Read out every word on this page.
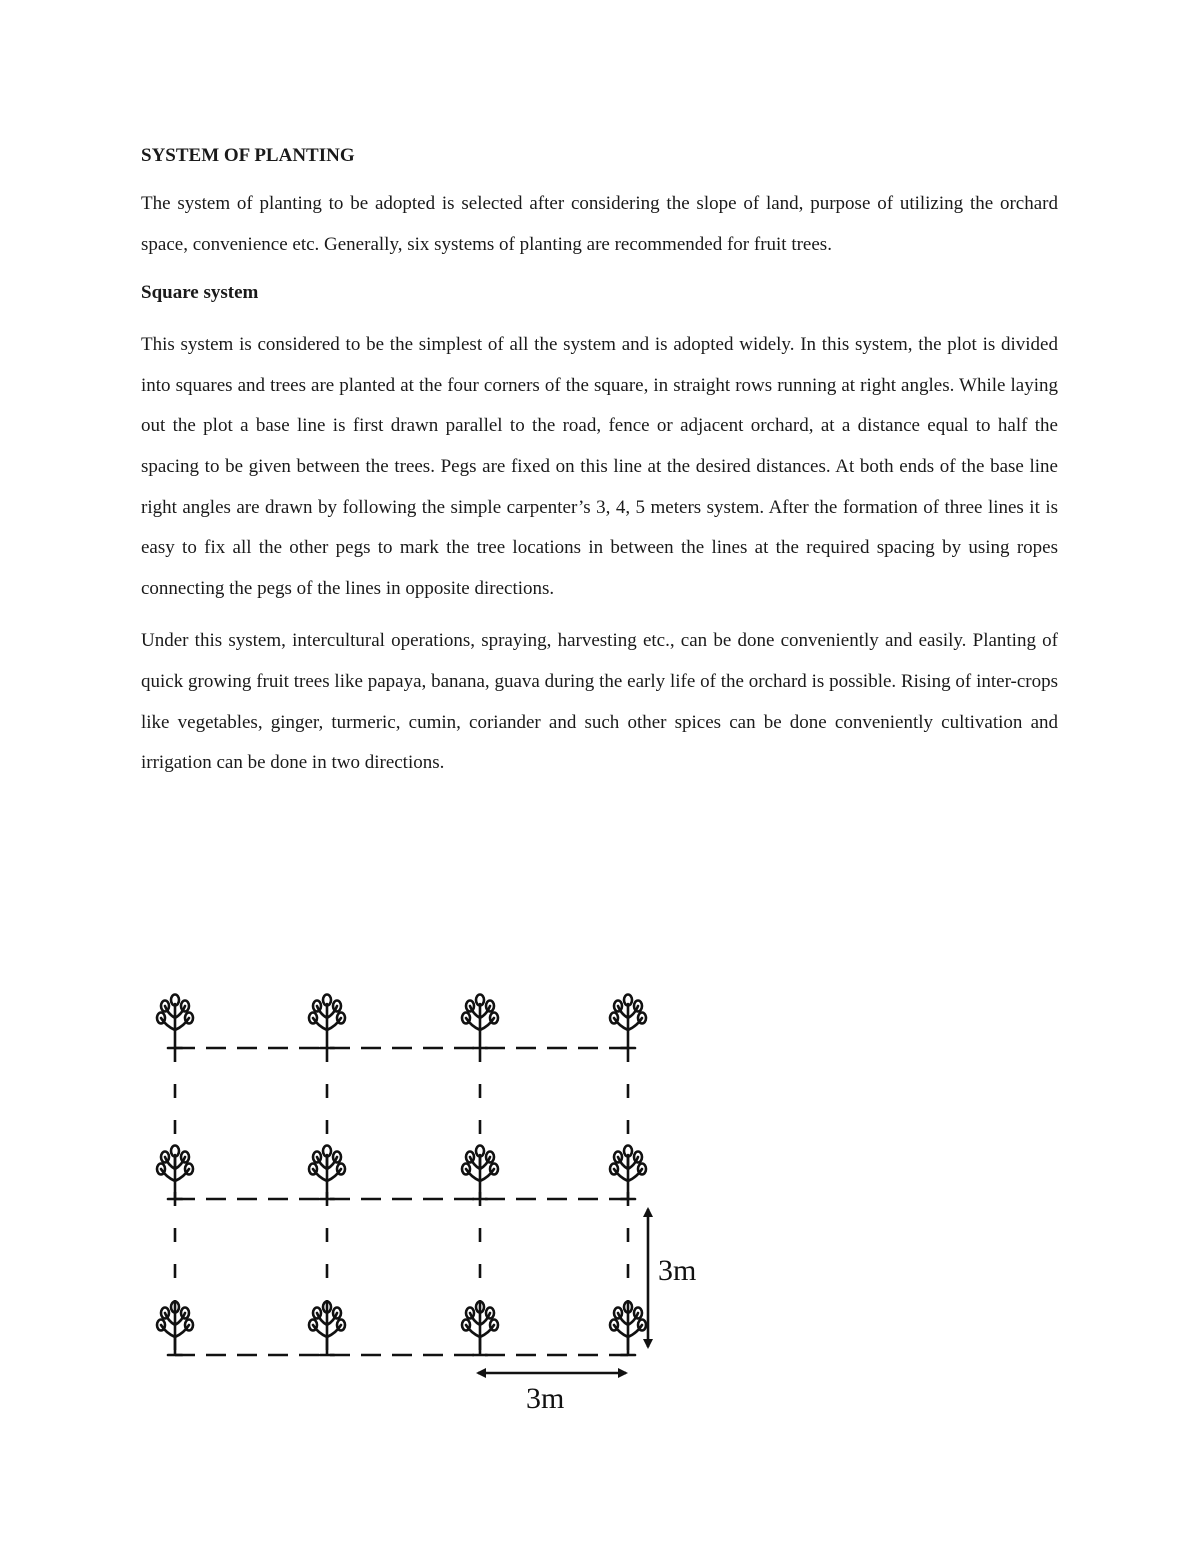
SYSTEM OF PLANTING

The system of planting to be adopted is selected after considering the slope of land, purpose of utilizing the orchard space, convenience etc. Generally, six systems of planting are recommended for fruit trees.

Square system

This system is considered to be the simplest of all the system and is adopted widely. In this system, the plot is divided into squares and trees are planted at the four corners of the square, in straight rows running at right angles. While laying out the plot a base line is first drawn parallel to the road, fence or adjacent orchard, at a distance equal to half the spacing to be given between the trees. Pegs are fixed on this line at the desired distances. At both ends of the base line right angles are drawn by following the simple carpenter’s 3, 4, 5 meters system. After the formation of three lines it is easy to fix all the other pegs to mark the tree locations in between the lines at the required spacing by using ropes connecting the pegs of the lines in opposite directions.

Under this system, intercultural operations, spraying, harvesting etc., can be done conveniently and easily. Planting of quick growing fruit trees like papaya, banana, guava during the early life of the orchard is possible. Rising of inter-crops like vegetables, ginger, turmeric, cumin, coriander and such other spices can be done conveniently cultivation and irrigation can be done in two directions.

3m
3m
